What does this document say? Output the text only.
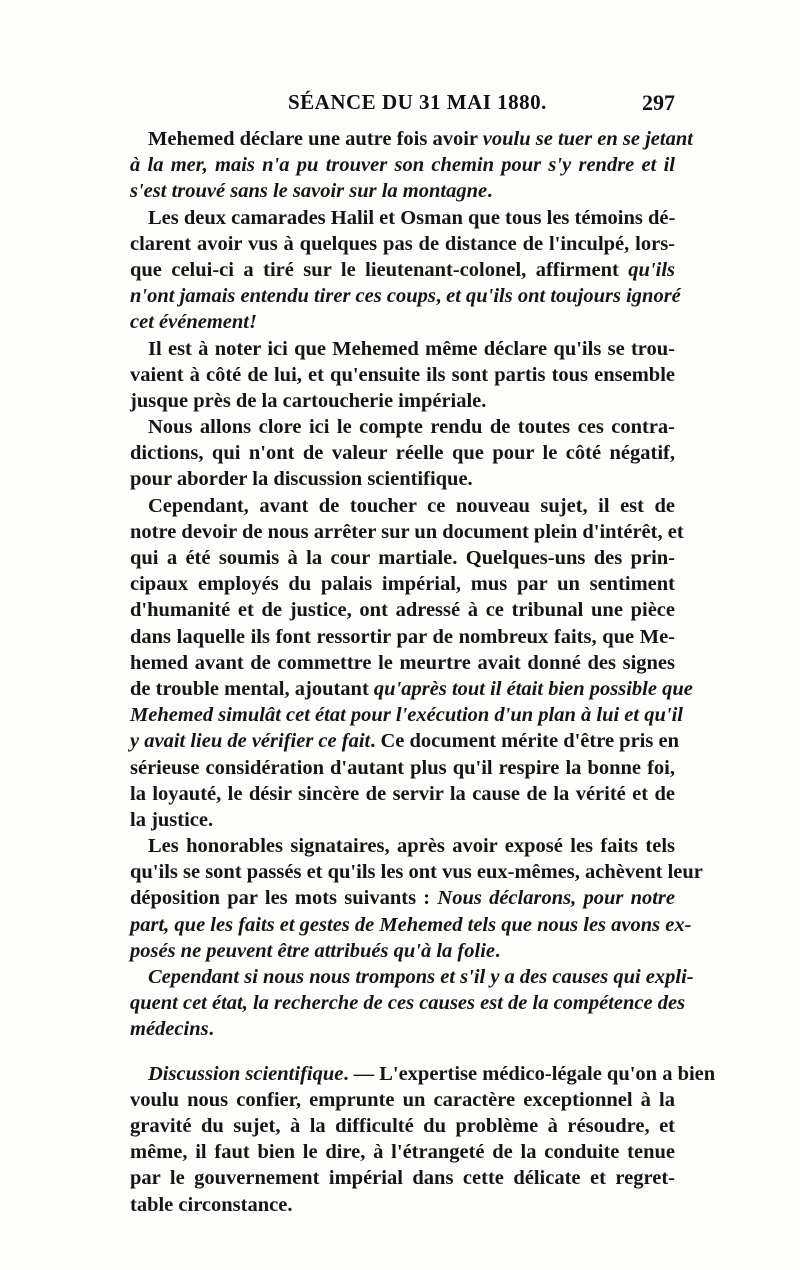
SÉANCE DU 31 MAI 1880.	297
Mehemed déclare une autre fois avoir voulu se tuer en se jetant
à la mer, mais n'a pu trouver son chemin pour s'y rendre et il
s'est trouvé sans le savoir sur la montagne.
Les deux camarades Halil et Osman que tous les témoins dé-
clarent avoir vus à quelques pas de distance de l'inculpé, lors-
que celui-ci a tiré sur le lieutenant-colonel, affirment qu'ils
n'ont jamais entendu tirer ces coups, et qu'ils ont toujours ignoré
cet événement!
Il est à noter ici que Mehemed même déclare qu'ils se trou-
vaient à côté de lui, et qu'ensuite ils sont partis tous ensemble
jusque près de la cartoucherie impériale.
Nous allons clore ici le compte rendu de toutes ces contra-
dictions, qui n'ont de valeur réelle que pour le côté négatif,
pour aborder la discussion scientifique.
Cependant, avant de toucher ce nouveau sujet, il est de
notre devoir de nous arrêter sur un document plein d'intérêt, et
qui a été soumis à la cour martiale. Quelques-uns des prin-
cipaux employés du palais impérial, mus par un sentiment
d'humanité et de justice, ont adressé à ce tribunal une pièce
dans laquelle ils font ressortir par de nombreux faits, que Me-
hemed avant de commettre le meurtre avait donné des signes
de trouble mental, ajoutant qu'après tout il était bien possible que
Mehemed simulât cet état pour l'exécution d'un plan à lui et qu'il
y avait lieu de vérifier ce fait. Ce document mérite d'être pris en
sérieuse considération d'autant plus qu'il respire la bonne foi,
la loyauté, le désir sincère de servir la cause de la vérité et de
la justice.
Les honorables signataires, après avoir exposé les faits tels
qu'ils se sont passés et qu'ils les ont vus eux-mêmes, achèvent leur
déposition par les mots suivants : Nous déclarons, pour notre
part, que les faits et gestes de Mehemed tels que nous les avons ex-
posés ne peuvent être attribués qu'à la folie.
Cependant si nous nous trompons et s'il y a des causes qui expli-
quent cet état, la recherche de ces causes est de la compétence des
médecins.
Discussion scientifique. — L'expertise médico-légale qu'on a bien
voulu nous confier, emprunte un caractère exceptionnel à la
gravité du sujet, à la difficulté du problème à résoudre, et
même, il faut bien le dire, à l'étrangeté de la conduite tenue
par le gouvernement impérial dans cette délicate et regret-
table circonstance.
